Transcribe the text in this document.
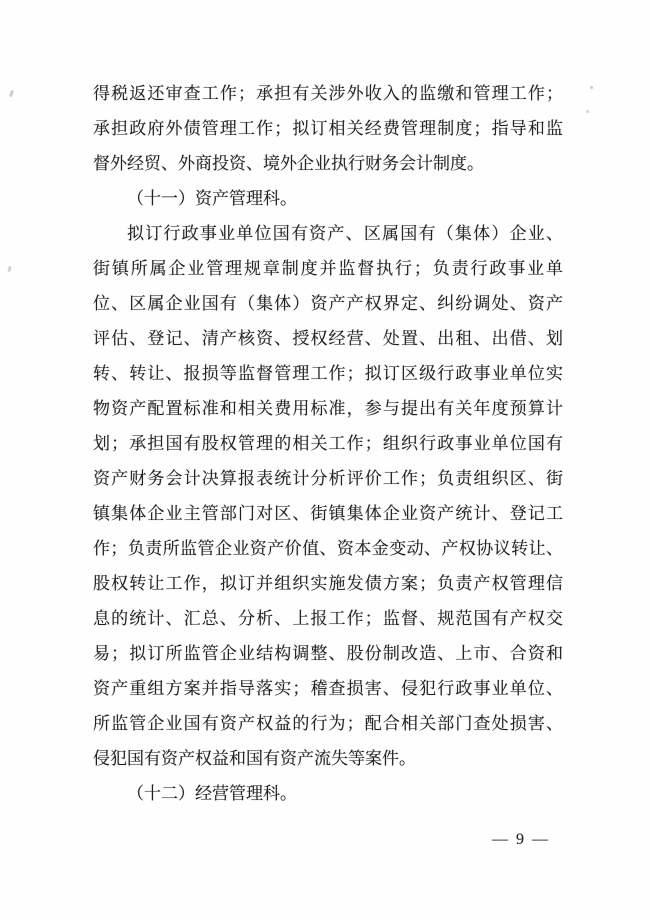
得税返还审查工作；承担有关涉外收入的监缴和管理工作；
承担政府外债管理工作；拟订相关经费管理制度；指导和监
督外经贸、外商投资、境外企业执行财务会计制度。
（十一）资产管理科。
拟订行政事业单位国有资产、区属国有（集体）企业、
街镇所属企业管理规章制度并监督执行；负责行政事业单
位、区属企业国有（集体）资产产权界定、纠纷调处、资产
评估、登记、清产核资、授权经营、处置、出租、出借、划
转、转让、报损等监督管理工作；拟订区级行政事业单位实
物资产配置标准和相关费用标准，参与提出有关年度预算计
划；承担国有股权管理的相关工作；组织行政事业单位国有
资产财务会计决算报表统计分析评价工作；负责组织区、街
镇集体企业主管部门对区、街镇集体企业资产统计、登记工
作；负责所监管企业资产价值、资本金变动、产权协议转让、
股权转让工作，拟订并组织实施发债方案；负责产权管理信
息的统计、汇总、分析、上报工作；监督、规范国有产权交
易；拟订所监管企业结构调整、股份制改造、上市、合资和
资产重组方案并指导落实；稽查损害、侵犯行政事业单位、
所监管企业国有资产权益的行为；配合相关部门查处损害、
侵犯国有资产权益和国有资产流失等案件。
（十二）经营管理科。
— 9 —
